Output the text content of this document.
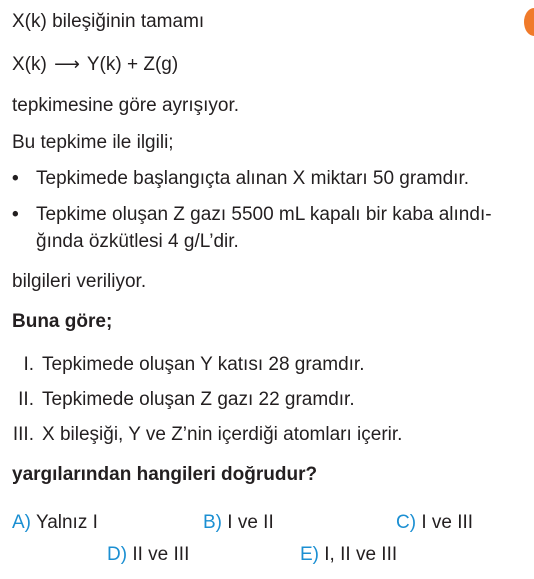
X(k) bileşiğinin tamamı
X(k) ⟶ Y(k) + Z(g)
tepkimesine göre ayrışıyor.
Bu tepkime ile ilgili;
• Tepkimede başlangıçta alınan X miktarı 50 gramdır.
• Tepkime oluşan Z gazı 5500 mL kapalı bir kaba alındı-
ğında özkütlesi 4 g/L’dir.
bilgileri veriliyor.
Buna göre;
I. Tepkimede oluşan Y katısı 28 gramdır.
II. Tepkimede oluşan Z gazı 22 gramdır.
III. X bileşiği, Y ve Z’nin içerdiği atomları içerir.
yargılarından hangileri doğrudur?
A) Yalnız I	B) I ve II	C) I ve III
D) II ve III	E) I, II ve III
